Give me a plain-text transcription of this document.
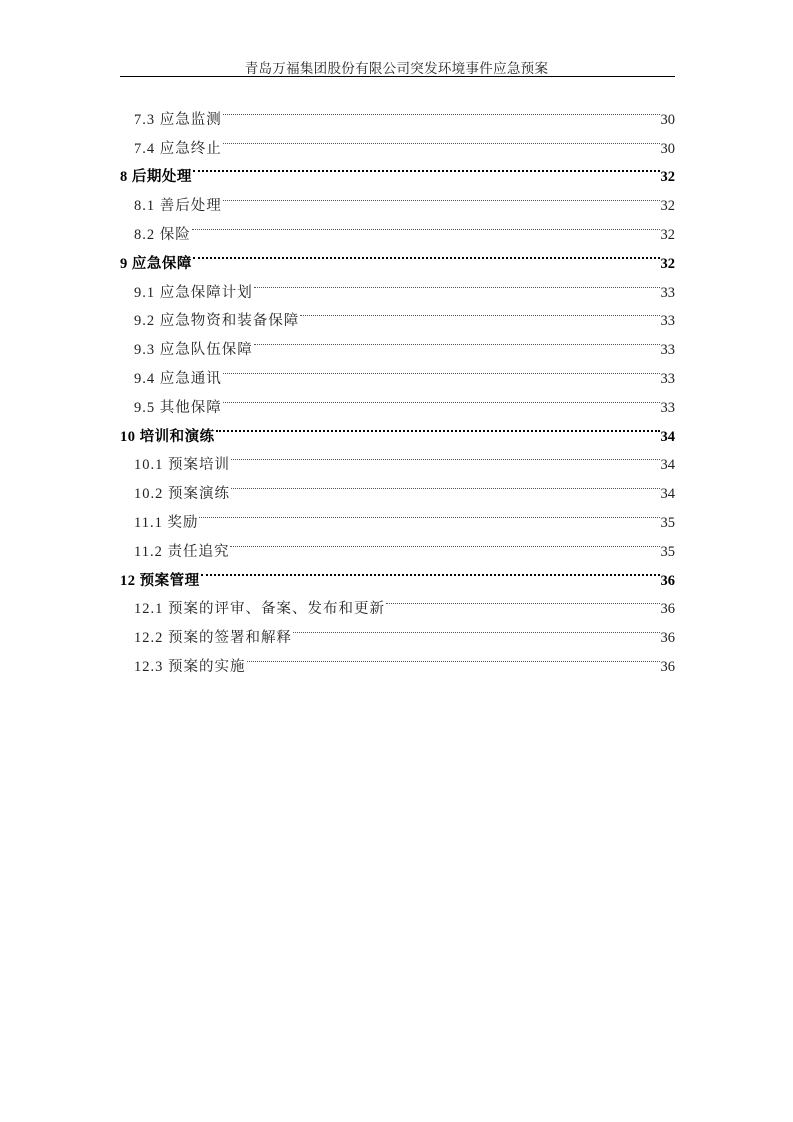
青岛万福集团股份有限公司突发环境事件应急预案
7.3 应急监测	30
7.4 应急终止	30
8 后期处理	32
8.1 善后处理	32
8.2 保险	32
9 应急保障	32
9.1 应急保障计划	33
9.2 应急物资和装备保障	33
9.3 应急队伍保障	33
9.4 应急通讯	33
9.5 其他保障	33
10 培训和演练	34
10.1 预案培训	34
10.2 预案演练	34
11.1 奖励	35
11.2 责任追究	35
12 预案管理	36
12.1 预案的评审、备案、发布和更新	36
12.2 预案的签署和解释	36
12.3 预案的实施	36
